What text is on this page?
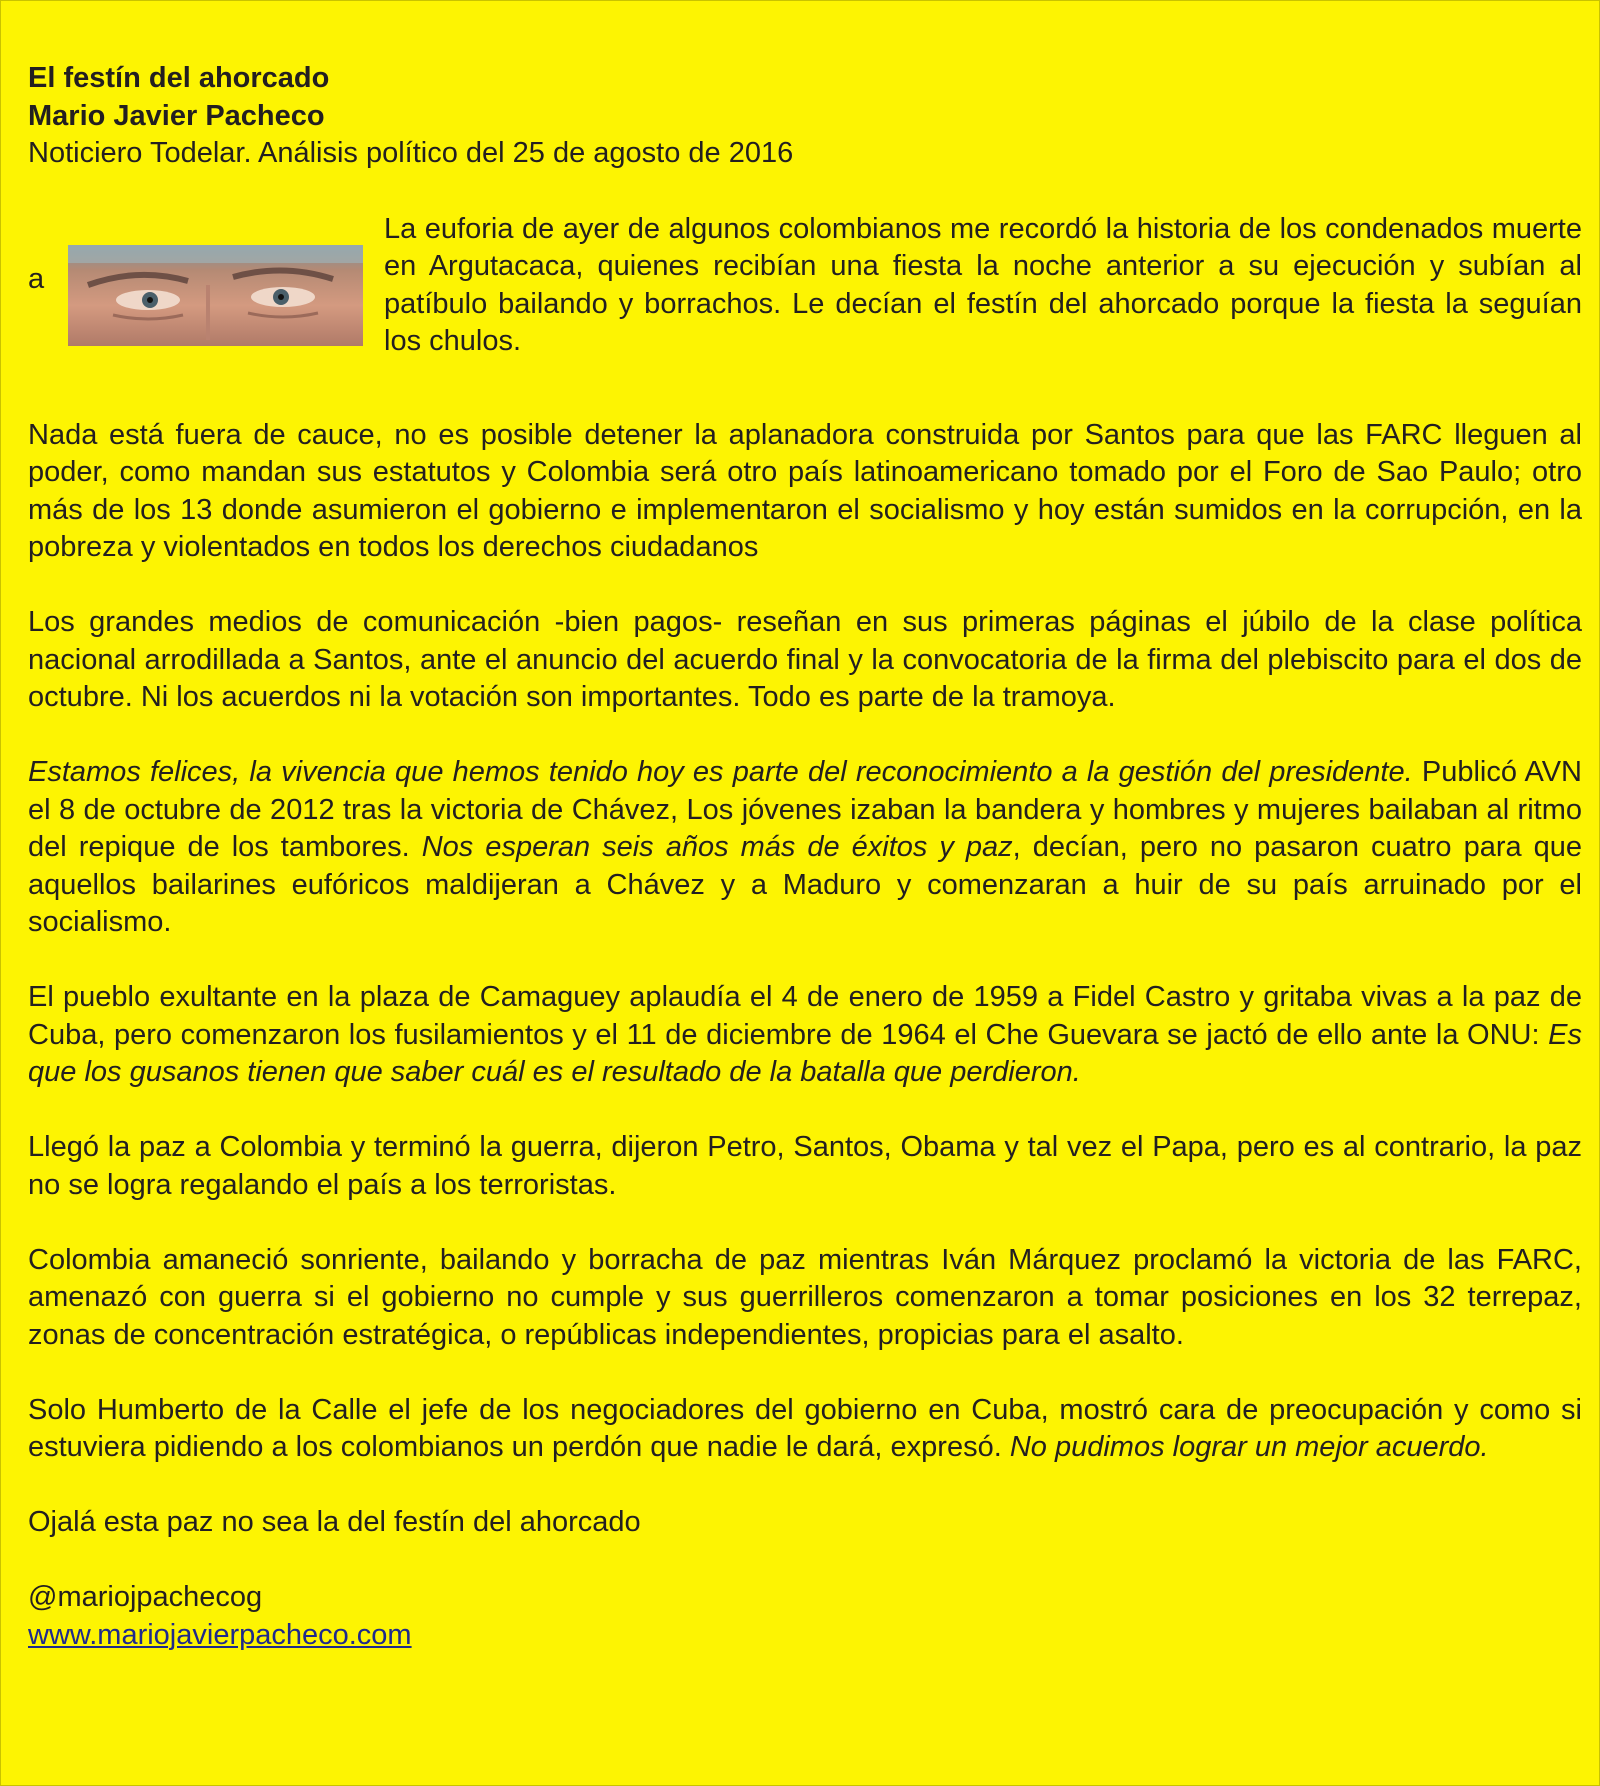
El festín del ahorcado
Mario Javier Pacheco
Noticiero Todelar. Análisis político del 25 de agosto de 2016
a
La euforia de ayer de algunos colombianos me recordó la historia de los condenados muerte en Argutacaca, quienes recibían una fiesta la noche anterior a su ejecución y subían al patíbulo bailando y borrachos. Le decían el festín del ahorcado porque la fiesta la seguían los chulos.

Nada está fuera de cauce, no es posible detener la aplanadora construida por Santos para que las FARC lleguen al poder, como mandan sus estatutos y Colombia será otro país latinoamericano tomado por el Foro de Sao Paulo; otro más de los 13 donde asumieron el gobierno e implementaron el socialismo y hoy están sumidos en la corrupción, en la pobreza y violentados en todos los derechos ciudadanos

Los grandes medios de comunicación -bien pagos- reseñan en sus primeras páginas el júbilo de la clase política nacional arrodillada a Santos, ante el anuncio del acuerdo final y la convocatoria de la firma del plebiscito para el dos de octubre. Ni los acuerdos ni la votación son importantes. Todo es parte de la tramoya.

Estamos felices, la vivencia que hemos tenido hoy es parte del reconocimiento a la gestión del presidente. Publicó AVN el 8 de octubre de 2012 tras la victoria de Chávez, Los jóvenes izaban la bandera y hombres y mujeres bailaban al ritmo del repique de los tambores. Nos esperan seis años más de éxitos y paz, decían, pero no pasaron cuatro para que aquellos bailarines eufóricos maldijeran a Chávez y a Maduro y comenzaran a huir de su país arruinado por el socialismo.

El pueblo exultante en la plaza de Camaguey aplaudía el 4 de enero de 1959 a Fidel Castro y gritaba vivas a la paz de Cuba, pero comenzaron los fusilamientos y el 11 de diciembre de 1964 el Che Guevara se jactó de ello ante la ONU: Es que los gusanos tienen que saber cuál es el resultado de la batalla que perdieron.

Llegó la paz a Colombia y terminó la guerra, dijeron Petro, Santos, Obama y tal vez el Papa, pero es al contrario, la paz no se logra regalando el país a los terroristas.

Colombia amaneció sonriente, bailando y borracha de paz mientras Iván Márquez proclamó la victoria de las FARC, amenazó con guerra si el gobierno no cumple y sus guerrilleros comenzaron a tomar posiciones en los 32 terrepaz, zonas de concentración estratégica, o repúblicas independientes, propicias para el asalto.

Solo Humberto de la Calle el jefe de los negociadores del gobierno en Cuba, mostró cara de preocupación y como si estuviera pidiendo a los colombianos un perdón que nadie le dará, expresó. No pudimos lograr un mejor acuerdo.

Ojalá esta paz no sea la del festín del ahorcado

@mariojpachecog
www.mariojavierpacheco.com
